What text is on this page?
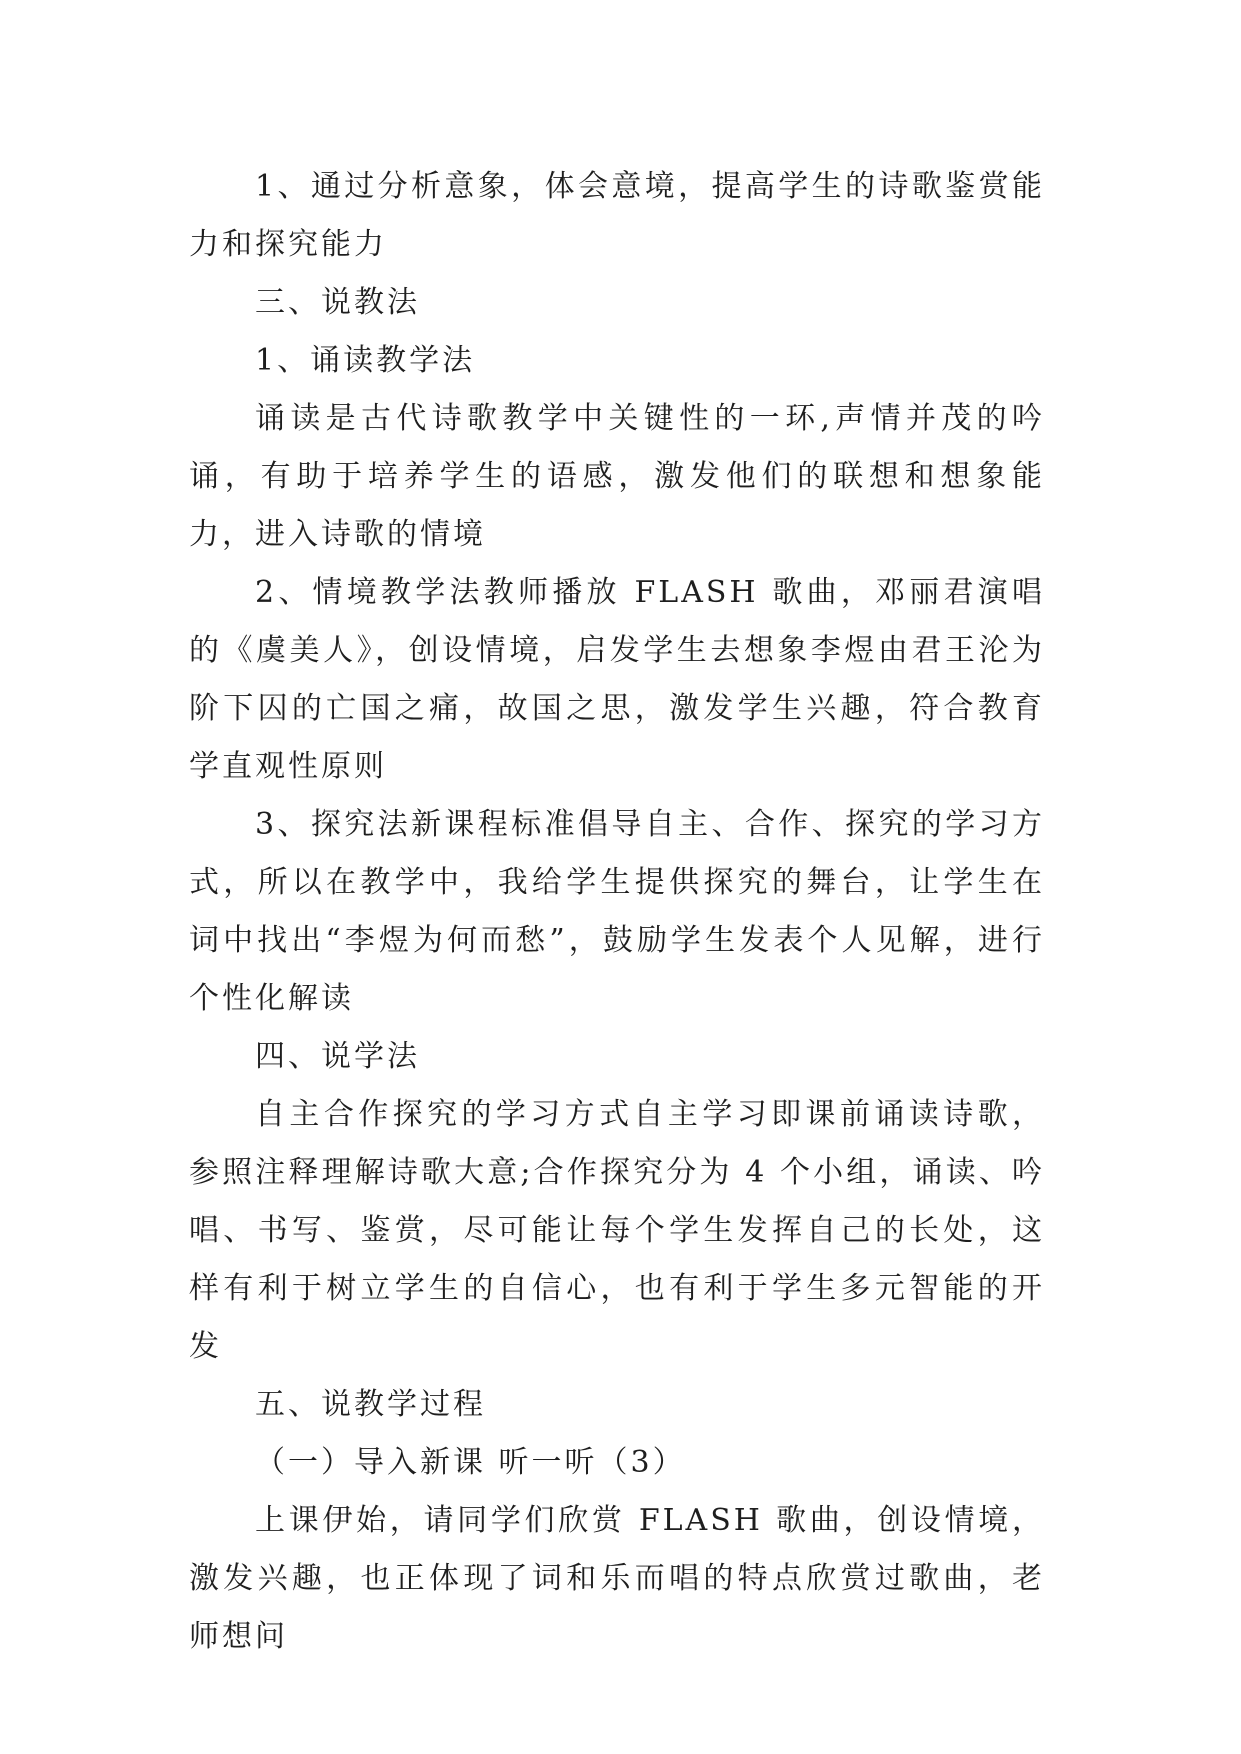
1、通过分析意象，体会意境，提高学生的诗歌鉴赏能力和探究能力

三、说教法

1、诵读教学法

诵读是古代诗歌教学中关键性的一环,声情并茂的吟诵，有助于培养学生的语感，激发他们的联想和想象能力，进入诗歌的情境

2、情境教学法教师播放 FLASH 歌曲，邓丽君演唱的《虞美人》，创设情境，启发学生去想象李煜由君王沦为阶下囚的亡国之痛，故国之思，激发学生兴趣，符合教育学直观性原则

3、探究法新课程标准倡导自主、合作、探究的学习方式，所以在教学中，我给学生提供探究的舞台，让学生在词中找出“李煜为何而愁”，鼓励学生发表个人见解，进行个性化解读

四、说学法

自主合作探究的学习方式自主学习即课前诵读诗歌，参照注释理解诗歌大意;合作探究分为 4 个小组，诵读、吟唱、书写、鉴赏，尽可能让每个学生发挥自己的长处，这样有利于树立学生的自信心，也有利于学生多元智能的开发

五、说教学过程

（一）导入新课 听一听（3）

上课伊始，请同学们欣赏 FLASH 歌曲，创设情境，激发兴趣，也正体现了词和乐而唱的特点欣赏过歌曲，老师想问
